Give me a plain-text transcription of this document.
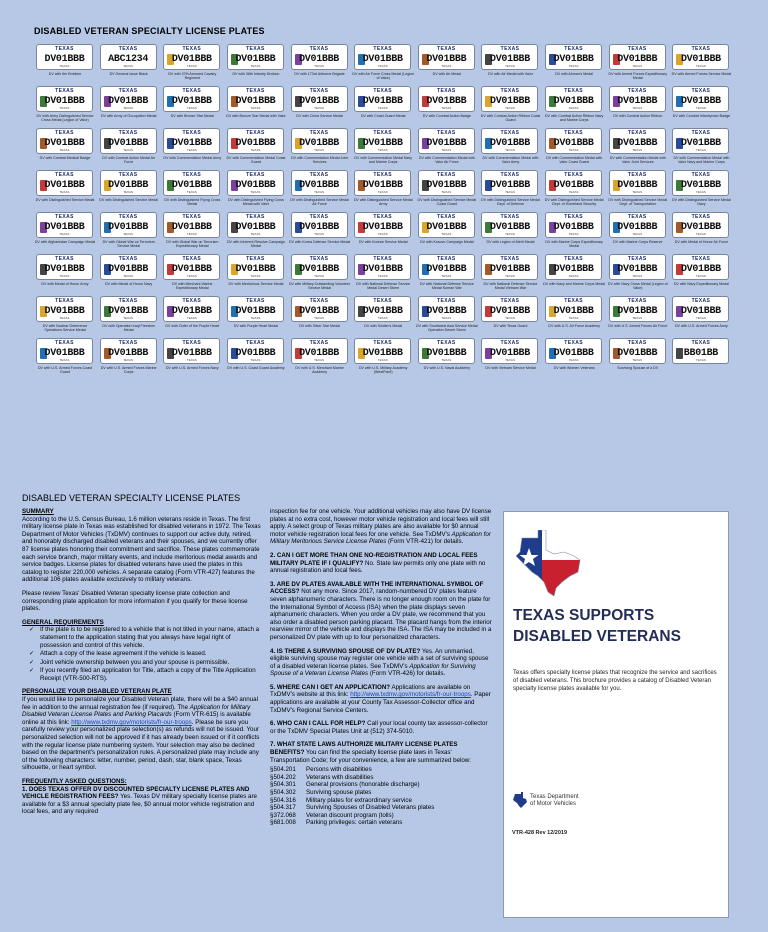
DISABLED VETERAN SPECIALTY LICENSE PLATES
TEXAS
DV01BBB
TEXAS
DV with the Emblem
TEXAS
ABC1234
TEXAS
DV General Issue Black
TEXAS
DV01BBB
TEXAS
DV with 37th Armored Cavalry Regiment
TEXAS
DV01BBB
TEXAS
DV with 36th Infantry Division
TEXAS
DV01BBB
TEXAS
DV with 173rd Airborne Brigade
TEXAS
DV01BBB
TEXAS
DV with Air Force Cross Medal (Legion of Valor)
TEXAS
DV01BBB
TEXAS
DV with Air Medal
TEXAS
DV01BBB
TEXAS
DV with Air Medal with Valor
TEXAS
DV01BBB
TEXAS
DV with Airman's Medal
TEXAS
DV01BBB
TEXAS
DV with Armed Forces Expeditionary Medal
TEXAS
DV01BBB
TEXAS
DV with Armed Forces Service Medal
TEXAS
DV01BBB
TEXAS
DV with Army Distinguished Service Cross Medal (Legion of Valor)
TEXAS
DV01BBB
TEXAS
DV with Army of Occupation Medal
TEXAS
DV01BBB
TEXAS
DV with Bronze Star Medal
TEXAS
DV01BBB
TEXAS
DV with Bronze Star Medal with Valor
TEXAS
DV01BBB
TEXAS
DV with China Service Medal
TEXAS
DV01BBB
TEXAS
DV with Coast Guard Medal
TEXAS
DV01BBB
TEXAS
DV with Combat Action Badge
TEXAS
DV01BBB
TEXAS
DV with Combat Action Ribbon Coast Guard
TEXAS
DV01BBB
TEXAS
DV with Combat Action Ribbon Navy and Marine Corps
TEXAS
DV01BBB
TEXAS
DV with Combat Action Ribbon
TEXAS
DV01BBB
TEXAS
DV with Combat Infantryman Badge
TEXAS
DV01BBB
TEXAS
DV with Combat Medical Badge
TEXAS
DV01BBB
TEXAS
DV with Combat Action Medal Air Force
TEXAS
DV01BBB
TEXAS
DV with Commendation Medal Army
TEXAS
DV01BBB
TEXAS
DV with Commendation Medal Coast Guard
TEXAS
DV01BBB
TEXAS
DV with Commendation Medal Joint Services
TEXAS
DV01BBB
TEXAS
DV with Commendation Medal Navy and Marine Corps
TEXAS
DV01BBB
TEXAS
DV with Commendation Medal with Valor Air Force
TEXAS
DV01BBB
TEXAS
DV with Commendation Medal with Valor Army
TEXAS
DV01BBB
TEXAS
DV with Commendation Medal with Valor Coast Guard
TEXAS
DV01BBB
TEXAS
DV with Commendation Medal with Valor Joint Services
TEXAS
DV01BBB
TEXAS
DV with Commendation Medal with Valor Navy and Marine Corps
TEXAS
DV01BBB
TEXAS
DV with Distinguished Service Medal
TEXAS
DV01BBB
TEXAS
DV with Distinguished Service Medal
TEXAS
DV01BBB
TEXAS
DV with Distinguished Flying Cross Medal
TEXAS
DV01BBB
TEXAS
DV with Distinguished Flying Cross Medal with Valor
TEXAS
DV01BBB
TEXAS
DV with Distinguished Service Medal Air Force
TEXAS
DV01BBB
TEXAS
DV with Distinguished Service Medal Army
TEXAS
DV01BBB
TEXAS
DV with Distinguished Service Medal Coast Guard
TEXAS
DV01BBB
TEXAS
DV with Distinguished Service Medal Dept. of Defense
TEXAS
DV01BBB
TEXAS
DV with Distinguished Service Medal Dept. of Homeland Security
TEXAS
DV01BBB
TEXAS
DV with Distinguished Service Medal Dept. of Transportation
TEXAS
DV01BBB
TEXAS
DV with Distinguished Service Medal Navy
TEXAS
DV01BBB
TEXAS
DV with Afghanistan Campaign Medal
TEXAS
DV01BBB
TEXAS
DV with Global War on Terrorism Service Medal
TEXAS
DV01BBB
TEXAS
DV with Global War on Terrorism Expeditionary Medal
TEXAS
DV01BBB
TEXAS
DV with Inherent Resolve Campaign Medal
TEXAS
DV01BBB
TEXAS
DV with Korea Defense Service Medal
TEXAS
DV01BBB
TEXAS
DV with Korean Service Medal
TEXAS
DV01BBB
TEXAS
DV with Kosovo Campaign Medal
TEXAS
DV01BBB
TEXAS
DV with Legion of Merit Medal
TEXAS
DV01BBB
TEXAS
DV with Marine Corps Expeditionary Medal
TEXAS
DV01BBB
TEXAS
DV with Marine Corps Reserve
TEXAS
DV01BBB
TEXAS
DV with Medal of Honor Air Force
TEXAS
DV01BBB
TEXAS
DV with Medal of Honor Army
TEXAS
DV01BBB
TEXAS
DV with Medal of Honor Navy
TEXAS
DV01BBB
TEXAS
DV with Merchant Marine Expeditionary Medal
TEXAS
DV01BBB
TEXAS
DV with Meritorious Service Medal
TEXAS
DV01BBB
TEXAS
DV with Military Outstanding Volunteer Service Medal
TEXAS
DV01BBB
TEXAS
DV with National Defense Service Medal Desert Storm
TEXAS
DV01BBB
TEXAS
DV with National Defense Service Medal Korean War
TEXAS
DV01BBB
TEXAS
DV with National Defense Service Medal Vietnam War
TEXAS
DV01BBB
TEXAS
DV with Navy and Marine Corps Medal
TEXAS
DV01BBB
TEXAS
DV with Navy Cross Medal (Legion of Valor)
TEXAS
DV01BBB
TEXAS
DV with Navy Expeditionary Medal
TEXAS
DV01BBB
TEXAS
DV with Nuclear Deterrence Operations Service Medal
TEXAS
DV01BBB
TEXAS
DV with Operation Iraqi Freedom Medal
TEXAS
DV01BBB
TEXAS
DV with Order of the Purple Heart
TEXAS
DV01BBB
TEXAS
DV with Purple Heart Medal
TEXAS
DV01BBB
TEXAS
DV with Silver Star Medal
TEXAS
DV01BBB
TEXAS
DV with Soldier's Medal
TEXAS
DV01BBB
TEXAS
DV with Southwest Asia Service Medal Operation Desert Storm
TEXAS
DV01BBB
TEXAS
DV with Texas Guard
TEXAS
DV01BBB
TEXAS
DV with U.S. Air Force Academy
TEXAS
DV01BBB
TEXAS
DV with U.S. Armed Forces Air Force
TEXAS
DV01BBB
TEXAS
DV with U.S. Armed Forces Army
TEXAS
DV01BBB
TEXAS
DV with U.S. Armed Forces Coast Guard
TEXAS
DV01BBB
TEXAS
DV with U.S. Armed Forces Marine Corps
TEXAS
DV01BBB
TEXAS
DV with U.S. Armed Forces Navy
TEXAS
DV01BBB
TEXAS
DV with U.S. Coast Guard Academy
TEXAS
DV01BBB
TEXAS
DV with U.S. Merchant Marine Academy
TEXAS
DV01BBB
TEXAS
DV with U.S. Military Academy (WestPoint)
TEXAS
DV01BBB
TEXAS
DV with U.S. Naval Academy
TEXAS
DV01BBB
TEXAS
DV with Vietnam Service Medal
TEXAS
DV01BBB
TEXAS
DV with Women Veterans
TEXAS
DV01BBB
TEXAS
Surviving Spouse of a DV
TEXAS
BB01BB
TEXAS
DISABLED VETERAN SPECIALTY LICENSE PLATES
SUMMARY

According to the U.S. Census Bureau, 1.6 million veterans reside in Texas. The first military license plate in Texas was established for disabled veterans in 1972. The Texas Department of Motor Vehicles (TxDMV) continues to support our active duty, retired, and honorably discharged disabled veterans and their spouses, and we currently offer 87 license plates honoring their commitment and sacrifice. These plates commemorate each service branch, major military events, and include meritorious medal awards and service badges. License plates for disabled veterans have used the plates in this catalog to register 220,000 vehicles. A separate catalog (Form VTR-427) features the additional 106 plates available exclusively to military veterans.

Please review Texas' Disabled Veteran specialty license plate collection and corresponding plate application for more information if you qualify for these license plates.

GENERAL REQUIREMENTS
✓ If the plate is to be registered to a vehicle that is not titled in your name, attach a statement to the application stating that you always have legal right of possession and control of this vehicle.
✓ Attach a copy of the lease agreement if the vehicle is leased.
✓ Joint vehicle ownership between you and your spouse is permissible.
✓ If you recently filed an application for Title, attach a copy of the Title Application Receipt (VTR-500-RTS).
PERSONALIZE YOUR DISABLED VETERAN PLATE

If you would like to personalize your Disabled Veteran plate, there will be a $40 annual fee in addition to the annual registration fee (if required). The Application for Military Disabled Veteran License Plates and Parking Placards (Form VTR-615) is available online at this link: http://www.txdmv.gov/motorists/fr-our-troops. Please be sure you carefully review your personalized plate selection(s) as refunds will not be issued. Your personalized selection will not be approved if it has already been issued or if it conflicts with the regular license plate numbering system. Your selection may also be declined based on the department's personalization rules. A personalized plate may include any of the following characters: letter, number, period, dash, star, blank space, Texas silhouette, or heart symbol.

FREQUENTLY ASKED QUESTIONS:

1. DOES TEXAS OFFER DV DISCOUNTED SPECIALTY LICENSE PLATES AND VEHICLE REGISTRATION FEES? Yes. Texas DV military specialty license plates are available for a $3 annual specialty plate fee, $0 annual motor vehicle registration and local fees, and any required

inspection fee for one vehicle. Your additional vehicles may also have DV license plates at no extra cost, however motor vehicle registration and local fees will still apply. A select group of Texas military plates are also available for $0 annual motor vehicle registration local fees for one vehicle. See TxDMV's Application for Military Meritorious Service License Plates (Form VTR-421) for details.

2. CAN I GET MORE THAN ONE NO-REGISTRATION AND LOCAL FEES MILITARY PLATE IF I QUALIFY? No. State law permits only one plate with no annual registration and local fees.

3. ARE DV PLATES AVAILABLE WITH THE INTERNATIONAL SYMBOL OF ACCESS? Not any more. Since 2017, random-numbered DV plates feature seven alphanumeric characters. There is no longer enough room on the plate for the International Symbol of Access (ISA) when the plate displays seven alphanumeric characters. When you order a DV plate, we recommend that you also order a disabled person parking placard. The placard hangs from the interior rearview mirror of the vehicle and displays the ISA. The ISA may be included in a personalized DV plate with up to four personalized characters.

4. IS THERE A SURVIVING SPOUSE OF DV PLATE? Yes. An unmarried, eligible surviving spouse may register one vehicle with a set of surviving spouse of a disabled veteran license plates. See TxDMV's Application for Surviving Spouse of a Veteran License Plates (Form VTR-426) for details.

5. WHERE CAN I GET AN APPLICATION? Applications are available on TxDMV's website at this link: http://www.txdmv.gov/motorists/fr-our-troops. Paper applications are available at your County Tax Assessor-Collector office and TxDMV's Regional Service Centers.

6. WHO CAN I CALL FOR HELP? Call your local county tax assessor-collector or the TxDMV Special Plates Unit at (512) 374-5010.

7. WHAT STATE LAWS AUTHORIZE MILITARY LICENSE PLATES BENEFITS? You can find the specialty license plate laws in Texas' Transportation Code; for your convenience, a few are summarized below:

§504.201	Persons with disabilities
§504.202	Veterans with disabilities
§504.301	General provisions (honorable discharge)
§504.302	Surviving spouse plates
§504.316	Military plates for extraordinary service
§504.317	Surviving Spouses of Disabled Veterans plates
§372.068	Veteran discount program (tolls)
§681.008	Parking privileges: certain veterans
TEXAS SUPPORTS DISABLED VETERANS
Texas offers specialty license plates that recognize the service and sacrifices of disabled veterans. This brochure provides a catalog of Disabled Veteran specialty license plates available for you.
Texas Department
of Motor Vehicles
VTR-428 Rev 12/2019
